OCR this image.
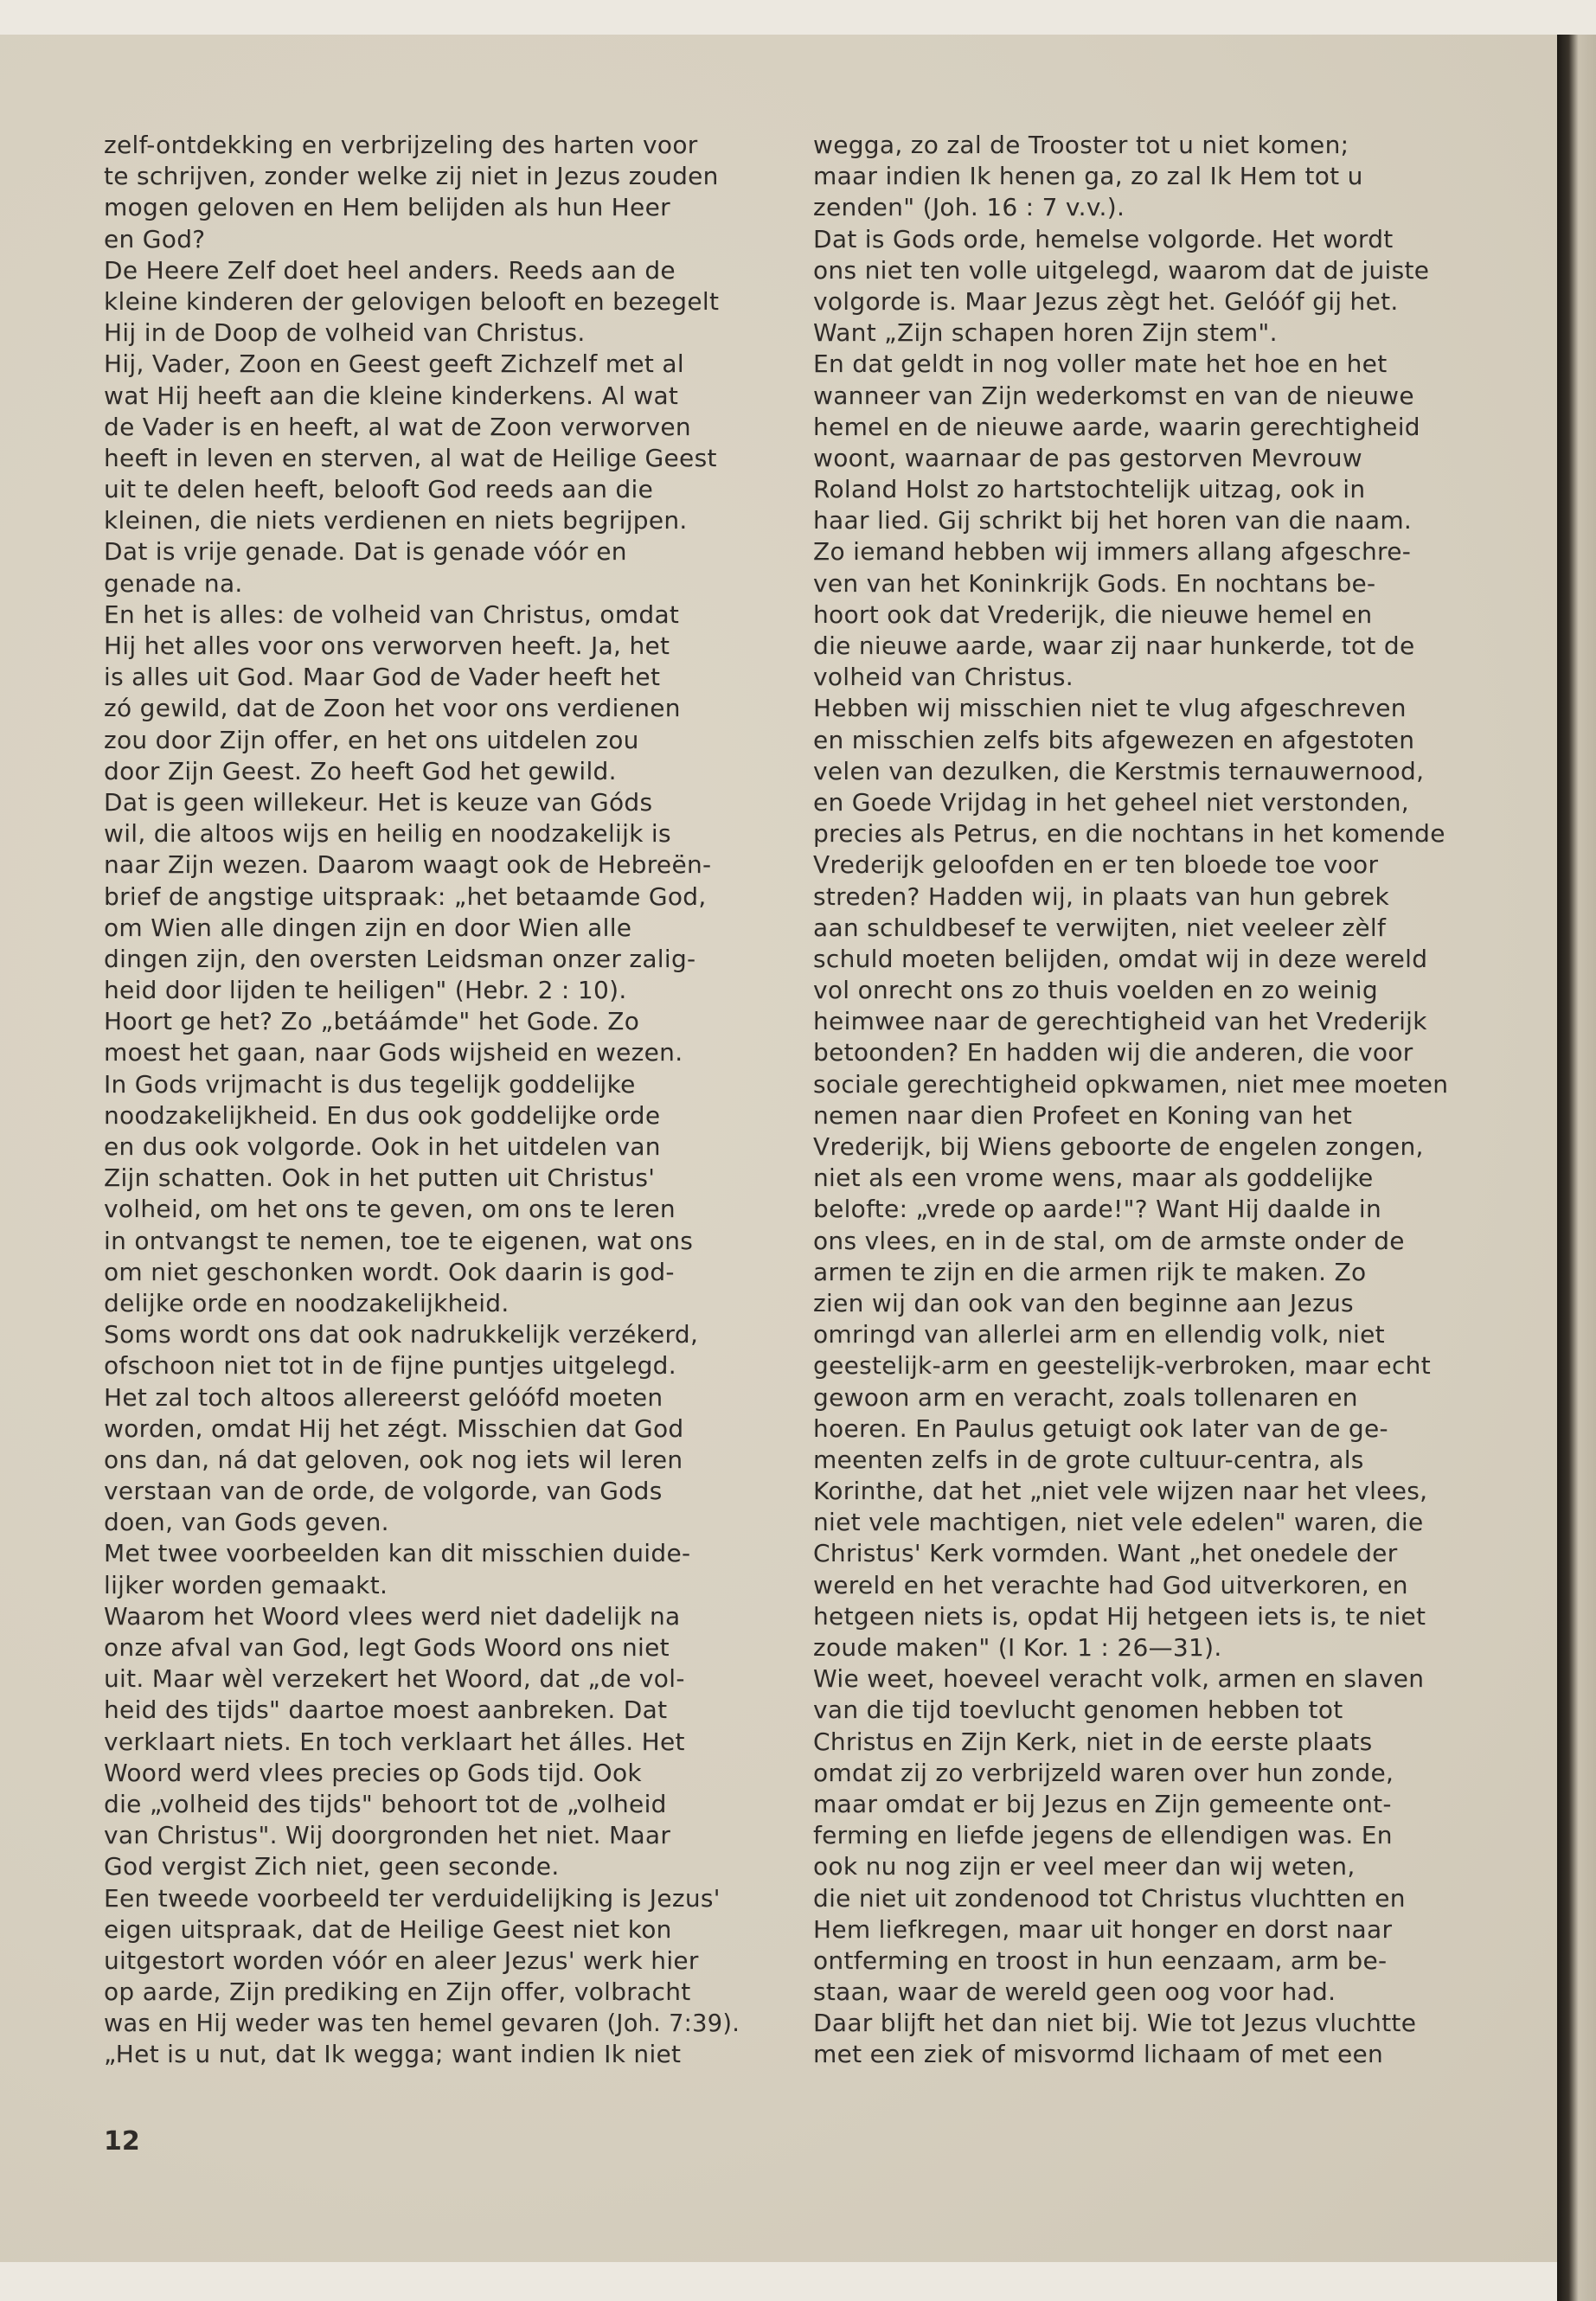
zelf-ontdekking en verbrijzeling des harten voor
te schrijven, zonder welke zij niet in Jezus zouden
mogen geloven en Hem belijden als hun Heer
en God?
De Heere Zelf doet heel anders. Reeds aan de
kleine kinderen der gelovigen belooft en bezegelt
Hij in de Doop de volheid van Christus.
Hij, Vader, Zoon en Geest geeft Zichzelf met al
wat Hij heeft aan die kleine kinderkens. Al wat
de Vader is en heeft, al wat de Zoon verworven
heeft in leven en sterven, al wat de Heilige Geest
uit te delen heeft, belooft God reeds aan die
kleinen, die niets verdienen en niets begrijpen.
Dat is vrije genade. Dat is genade vóór en
genade na.
En het is alles: de volheid van Christus, omdat
Hij het alles voor ons verworven heeft. Ja, het
is alles uit God. Maar God de Vader heeft het
zó gewild, dat de Zoon het voor ons verdienen
zou door Zijn offer, en het ons uitdelen zou
door Zijn Geest. Zo heeft God het gewild.
Dat is geen willekeur. Het is keuze van Góds
wil, die altoos wijs en heilig en noodzakelijk is
naar Zijn wezen. Daarom waagt ook de Hebreën-
brief de angstige uitspraak: „het betaamde God,
om Wien alle dingen zijn en door Wien alle
dingen zijn, den oversten Leidsman onzer zalig-
heid door lijden te heiligen" (Hebr. 2 : 10).
Hoort ge het? Zo „betáámde" het Gode. Zo
moest het gaan, naar Gods wijsheid en wezen.
In Gods vrijmacht is dus tegelijk goddelijke
noodzakelijkheid. En dus ook goddelijke orde
en dus ook volgorde. Ook in het uitdelen van
Zijn schatten. Ook in het putten uit Christus'
volheid, om het ons te geven, om ons te leren
in ontvangst te nemen, toe te eigenen, wat ons
om niet geschonken wordt. Ook daarin is god-
delijke orde en noodzakelijkheid.
Soms wordt ons dat ook nadrukkelijk verzékerd,
ofschoon niet tot in de fijne puntjes uitgelegd.
Het zal toch altoos allereerst gelóófd moeten
worden, omdat Hij het zégt. Misschien dat God
ons dan, ná dat geloven, ook nog iets wil leren
verstaan van de orde, de volgorde, van Gods
doen, van Gods geven.
Met twee voorbeelden kan dit misschien duide-
lijker worden gemaakt.
Waarom het Woord vlees werd niet dadelijk na
onze afval van God, legt Gods Woord ons niet
uit. Maar wèl verzekert het Woord, dat „de vol-
heid des tijds" daartoe moest aanbreken. Dat
verklaart niets. En toch verklaart het álles. Het
Woord werd vlees precies op Gods tijd. Ook
die „volheid des tijds" behoort tot de „volheid
van Christus". Wij doorgronden het niet. Maar
God vergist Zich niet, geen seconde.
Een tweede voorbeeld ter verduidelijking is Jezus'
eigen uitspraak, dat de Heilige Geest niet kon
uitgestort worden vóór en aleer Jezus' werk hier
op aarde, Zijn prediking en Zijn offer, volbracht
was en Hij weder was ten hemel gevaren (Joh. 7:39).
„Het is u nut, dat Ik wegga; want indien Ik niet
wegga, zo zal de Trooster tot u niet komen;
maar indien Ik henen ga, zo zal Ik Hem tot u
zenden" (Joh. 16 : 7 v.v.).
Dat is Gods orde, hemelse volgorde. Het wordt
ons niet ten volle uitgelegd, waarom dat de juiste
volgorde is. Maar Jezus zègt het. Gelóóf gij het.
Want „Zijn schapen horen Zijn stem".
En dat geldt in nog voller mate het hoe en het
wanneer van Zijn wederkomst en van de nieuwe
hemel en de nieuwe aarde, waarin gerechtigheid
woont, waarnaar de pas gestorven Mevrouw
Roland Holst zo hartstochtelijk uitzag, ook in
haar lied. Gij schrikt bij het horen van die naam.
Zo iemand hebben wij immers allang afgeschre-
ven van het Koninkrijk Gods. En nochtans be-
hoort ook dat Vrederijk, die nieuwe hemel en
die nieuwe aarde, waar zij naar hunkerde, tot de
volheid van Christus.
Hebben wij misschien niet te vlug afgeschreven
en misschien zelfs bits afgewezen en afgestoten
velen van dezulken, die Kerstmis ternauwernood,
en Goede Vrijdag in het geheel niet verstonden,
precies als Petrus, en die nochtans in het komende
Vrederijk geloofden en er ten bloede toe voor
streden? Hadden wij, in plaats van hun gebrek
aan schuldbesef te verwijten, niet veeleer zèlf
schuld moeten belijden, omdat wij in deze wereld
vol onrecht ons zo thuis voelden en zo weinig
heimwee naar de gerechtigheid van het Vrederijk
betoonden? En hadden wij die anderen, die voor
sociale gerechtigheid opkwamen, niet mee moeten
nemen naar dien Profeet en Koning van het
Vrederijk, bij Wiens geboorte de engelen zongen,
niet als een vrome wens, maar als goddelijke
belofte: „vrede op aarde!"? Want Hij daalde in
ons vlees, en in de stal, om de armste onder de
armen te zijn en die armen rijk te maken. Zo
zien wij dan ook van den beginne aan Jezus
omringd van allerlei arm en ellendig volk, niet
geestelijk-arm en geestelijk-verbroken, maar echt
gewoon arm en veracht, zoals tollenaren en
hoeren. En Paulus getuigt ook later van de ge-
meenten zelfs in de grote cultuur-centra, als
Korinthe, dat het „niet vele wijzen naar het vlees,
niet vele machtigen, niet vele edelen" waren, die
Christus' Kerk vormden. Want „het onedele der
wereld en het verachte had God uitverkoren, en
hetgeen niets is, opdat Hij hetgeen iets is, te niet
zoude maken" (I Kor. 1 : 26—31).
Wie weet, hoeveel veracht volk, armen en slaven
van die tijd toevlucht genomen hebben tot
Christus en Zijn Kerk, niet in de eerste plaats
omdat zij zo verbrijzeld waren over hun zonde,
maar omdat er bij Jezus en Zijn gemeente ont-
ferming en liefde jegens de ellendigen was. En
ook nu nog zijn er veel meer dan wij weten,
die niet uit zondenood tot Christus vluchtten en
Hem liefkregen, maar uit honger en dorst naar
ontferming en troost in hun eenzaam, arm be-
staan, waar de wereld geen oog voor had.
Daar blijft het dan niet bij. Wie tot Jezus vluchtte
met een ziek of misvormd lichaam of met een
12
